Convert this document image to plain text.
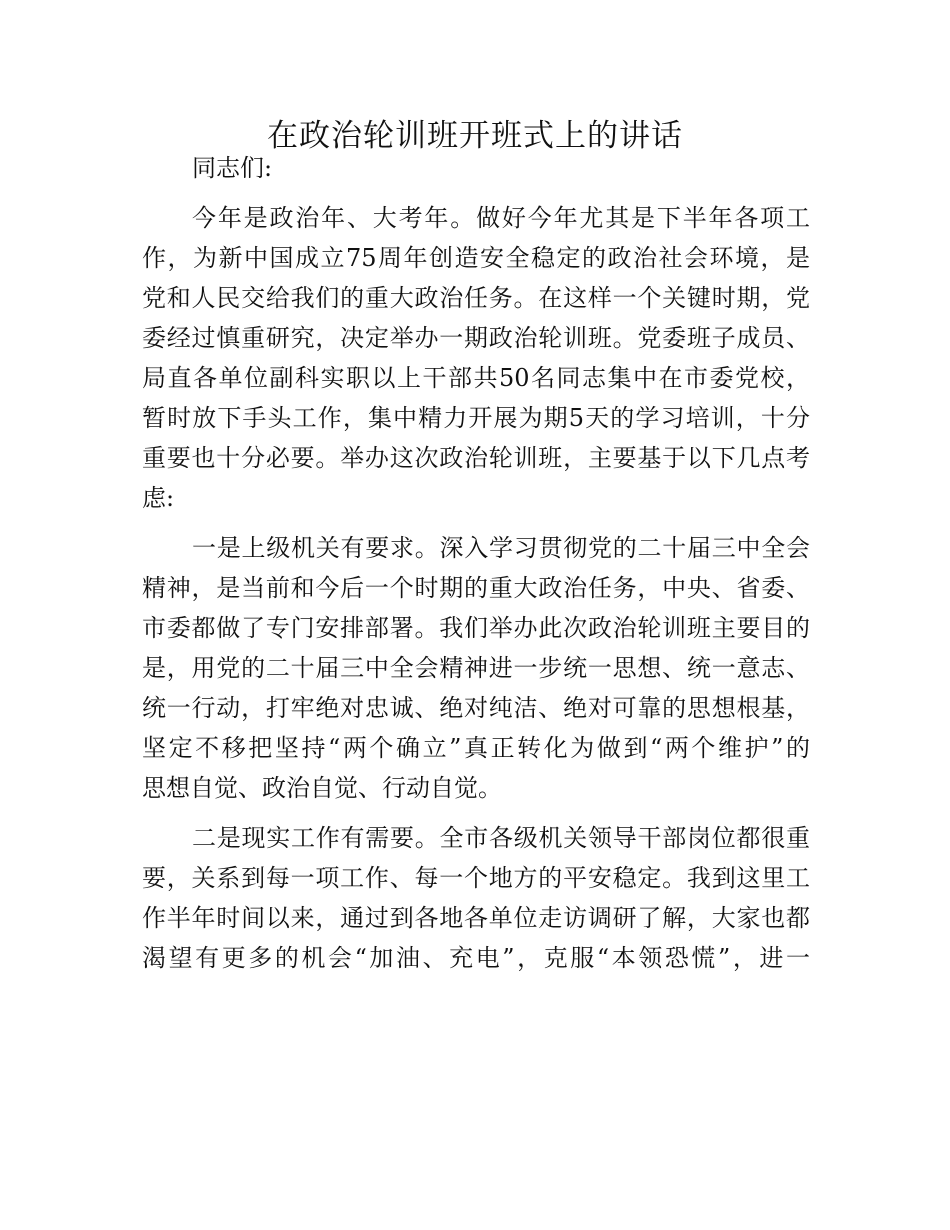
在政治轮训班开班式上的讲话
同志们:
今年是政治年、大考年。做好今年尤其是下半年各项工
作，为新中国成立75周年创造安全稳定的政治社会环境，是
党和人民交给我们的重大政治任务。在这样一个关键时期，党
委经过慎重研究，决定举办一期政治轮训班。党委班子成员、
局直各单位副科实职以上干部共50名同志集中在市委党校，
暂时放下手头工作，集中精力开展为期5天的学习培训，十分
重要也十分必要。举办这次政治轮训班，主要基于以下几点考
虑:
一是上级机关有要求。深入学习贯彻党的二十届三中全会
精神，是当前和今后一个时期的重大政治任务，中央、省委、
市委都做了专门安排部署。我们举办此次政治轮训班主要目的
是，用党的二十届三中全会精神进一步统一思想、统一意志、
统一行动，打牢绝对忠诚、绝对纯洁、绝对可靠的思想根基，
坚定不移把坚持“两个确立”真正转化为做到“两个维护”的
思想自觉、政治自觉、行动自觉。
二是现实工作有需要。全市各级机关领导干部岗位都很重
要，关系到每一项工作、每一个地方的平安稳定。我到这里工
作半年时间以来，通过到各地各单位走访调研了解，大家也都
渴望有更多的机会“加油、充电”，克服“本领恐慌”，进一
